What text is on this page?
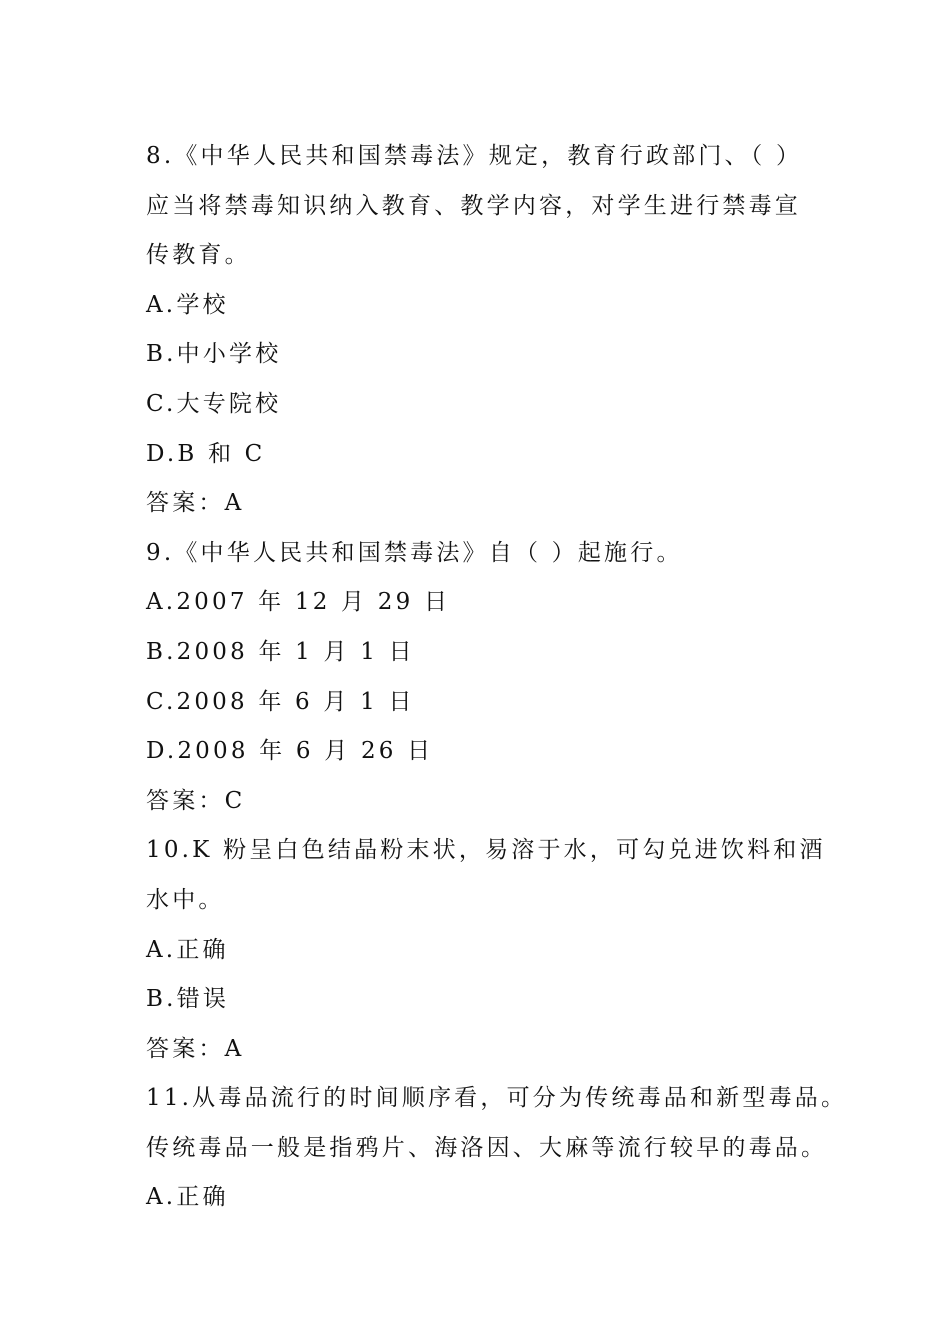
8.《中华人民共和国禁毒法》规定，教育行政部门、（ ）
应当将禁毒知识纳入教育、教学内容，对学生进行禁毒宣
传教育。
A.学校
B.中小学校
C.大专院校
D.B 和 C
答案：A
9.《中华人民共和国禁毒法》自（ ）起施行。
A.2007 年 12 月 29 日
B.2008 年 1 月 1 日
C.2008 年 6 月 1 日
D.2008 年 6 月 26 日
答案：C
10.K 粉呈白色结晶粉末状，易溶于水，可勾兑进饮料和酒
水中。
A.正确
B.错误
答案：A
11.从毒品流行的时间顺序看，可分为传统毒品和新型毒品。
传统毒品一般是指鸦片、海洛因、大麻等流行较早的毒品。
A.正确
